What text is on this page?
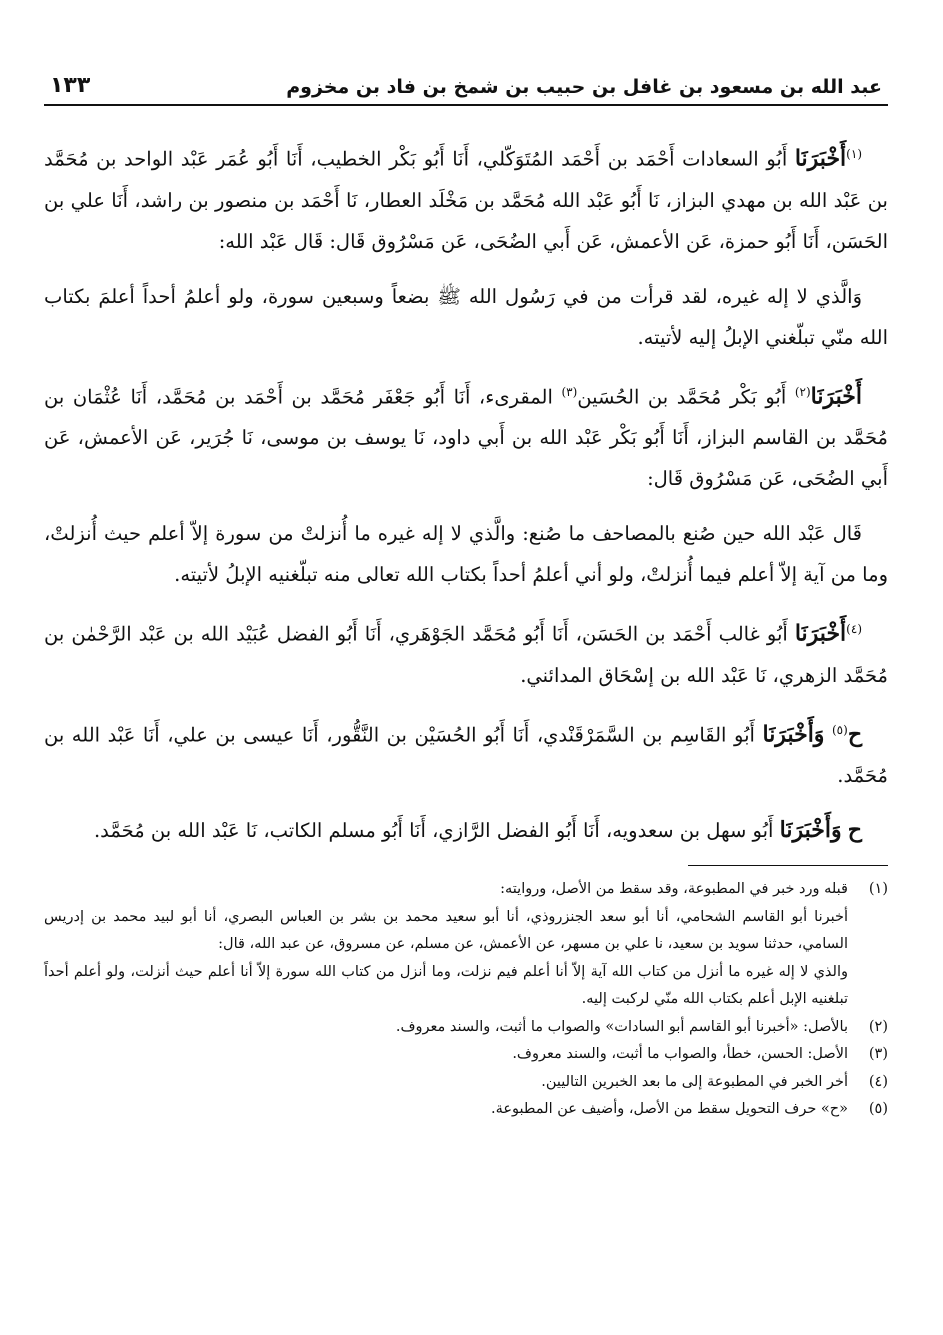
عبد الله بن مسعود بن غافل بن حبيب بن شمخ بن فاد بن مخزوم
١٣٣

$^{(١)}$أَخْبَرَنَا أَبُو السعادات أَحْمَد بن أَحْمَد المُتَوَكّلي، أَنَا أَبُو بَكْر الخطيب، أَنَا أَبُو عُمَر عَبْد الواحد بن مُحَمَّد بن عَبْد الله بن مهدي البزاز، نَا أَبُو عَبْد الله مُحَمَّد بن مَخْلَد العطار، نَا أَحْمَد بن منصور بن راشد، أَنَا علي بن الحَسَن، أَنَا أَبُو حمزة، عَن الأعمش، عَن أَبي الضُحَى، عَن مَسْرُوق قَال: قَال عَبْد الله:

وَالَّذي لا إله غيره، لقد قرأت من في رَسُول الله ﷺ بضعاً وسبعين سورة، ولو أعلمُ أحداً أعلمَ بكتاب الله منّي تبلّغني الإبلُ إليه لأتيته.

أَخْبَرَنَا$^{(٢)}$ أَبُو بَكْر مُحَمَّد بن الحُسَين$^{(٣)}$ المقرىء، أَنَا أَبُو جَعْفَر مُحَمَّد بن أَحْمَد بن مُحَمَّد، أَنَا عُثْمَان بن مُحَمَّد بن القاسم البزاز، أَنَا أَبُو بَكْر عَبْد الله بن أَبي داود، نَا يوسف بن موسى، نَا جُرَير، عَن الأعمش، عَن أَبي الضُحَى، عَن مَسْرُوق قَال:

قَال عَبْد الله حين صُنع بالمصاحف ما صُنع: والَّذي لا إله غيره ما أُنزلتْ من سورة إلاّ أعلم حيث أُنزلتْ، وما من آية إلاّ أعلم فيما أُنزلتْ، ولو أني أعلمُ أحداً بكتاب الله تعالى منه تبلّغنيه الإبلُ لأتيته.

$^{(٤)}$أَخْبَرَنَا أَبُو غالب أَحْمَد بن الحَسَن، أَنَا أَبُو مُحَمَّد الجَوْهَري، أَنَا أَبُو الفضل عُبَيْد الله بن عَبْد الرَّحْمٰن بن مُحَمَّد الزهري، نَا عَبْد الله بن إسْحَاق المدائني.

ح$^{(٥)}$ وَأَخْبَرَنَا أَبُو القَاسِم بن السَّمَرْقَنْدي، أَنَا أَبُو الحُسَيْن بن النَّقُّور، أَنَا عيسى بن علي، أَنَا عَبْد الله بن مُحَمَّد.

ح وَأَخْبَرَنَا أَبُو سهل بن سعدويه، أَنَا أَبُو الفضل الرَّازي، أَنَا أَبُو مسلم الكاتب، نَا عَبْد الله بن مُحَمَّد.

(١)
قبله ورد خبر في المطبوعة، وقد سقط من الأصل، وروايته:
أخبرنا أبو القاسم الشحامي، أنا أبو سعد الجنزروذي، أنا أبو سعيد محمد بن بشر بن العباس البصري، أنا أبو لبيد محمد بن إدريس السامي، حدثنا سويد بن سعيد، نا علي بن مسهر، عن الأعمش، عن مسلم، عن مسروق، عن عبد الله، قال:
والذي لا إله غيره ما أنزل من كتاب الله آية إلاّ أنا أعلم فيم نزلت، وما أنزل من كتاب الله سورة إلاّ أنا أعلم حيث أنزلت، ولو أعلم أحداً تبلغنيه الإبل أعلم بكتاب الله منّي لركبت إليه.
(٢)
بالأصل: «أخبرنا أبو القاسم أبو السادات» والصواب ما أثبت، والسند معروف.
(٣)
الأصل: الحسن، خطأ، والصواب ما أثبت، والسند معروف.
(٤)
أخر الخبر في المطبوعة إلى ما بعد الخبرين التاليين.
(٥)
«ح» حرف التحويل سقط من الأصل، وأضيف عن المطبوعة.
